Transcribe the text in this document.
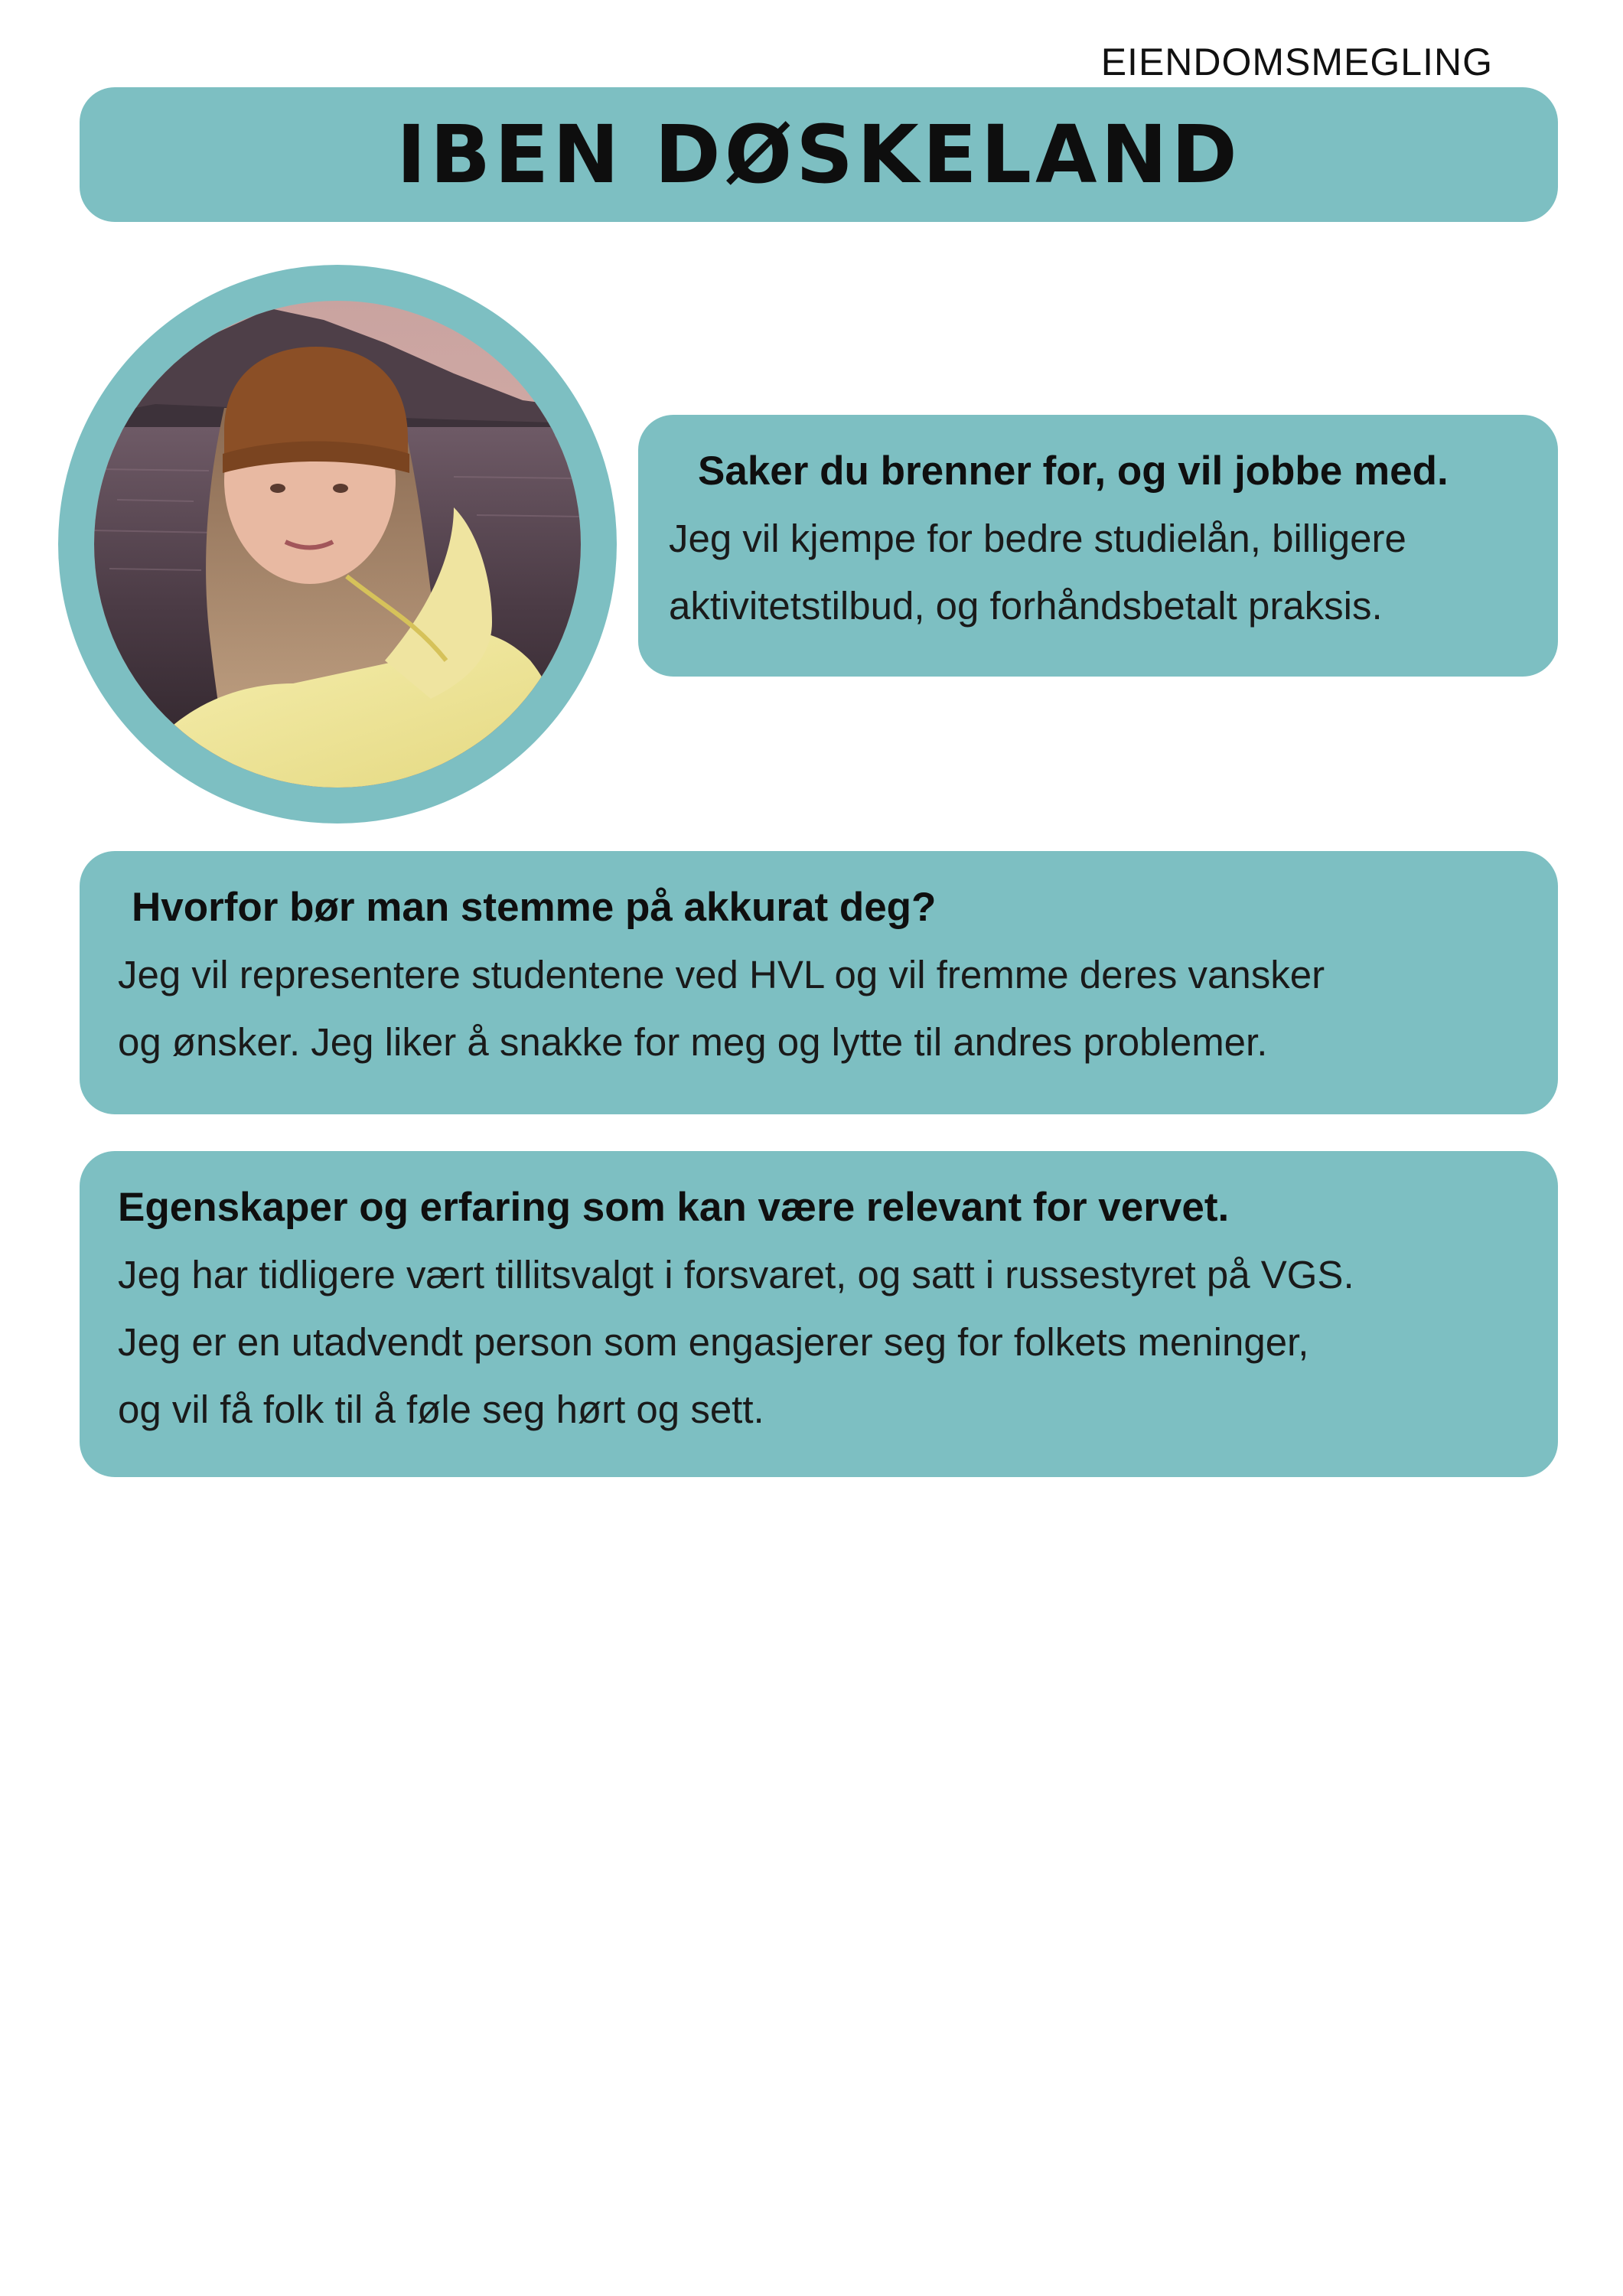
EIENDOMSMEGLING
IBEN DØSKELAND
Saker du brenner for, og vil jobbe med.

Jeg vil kjempe for bedre studielån, billigere

aktivitetstilbud, og forhåndsbetalt praksis.

Hvorfor bør man stemme på akkurat deg?

Jeg vil representere studentene ved HVL og vil fremme deres vansker

og ønsker. Jeg liker å snakke for meg og lytte til andres problemer.

Egenskaper og erfaring som kan være relevant for vervet.

Jeg har tidligere vært tillitsvalgt i forsvaret, og satt i russestyret på VGS.

Jeg er en utadvendt person som engasjerer seg for folkets meninger,

og vil få folk til å føle seg hørt og sett.
